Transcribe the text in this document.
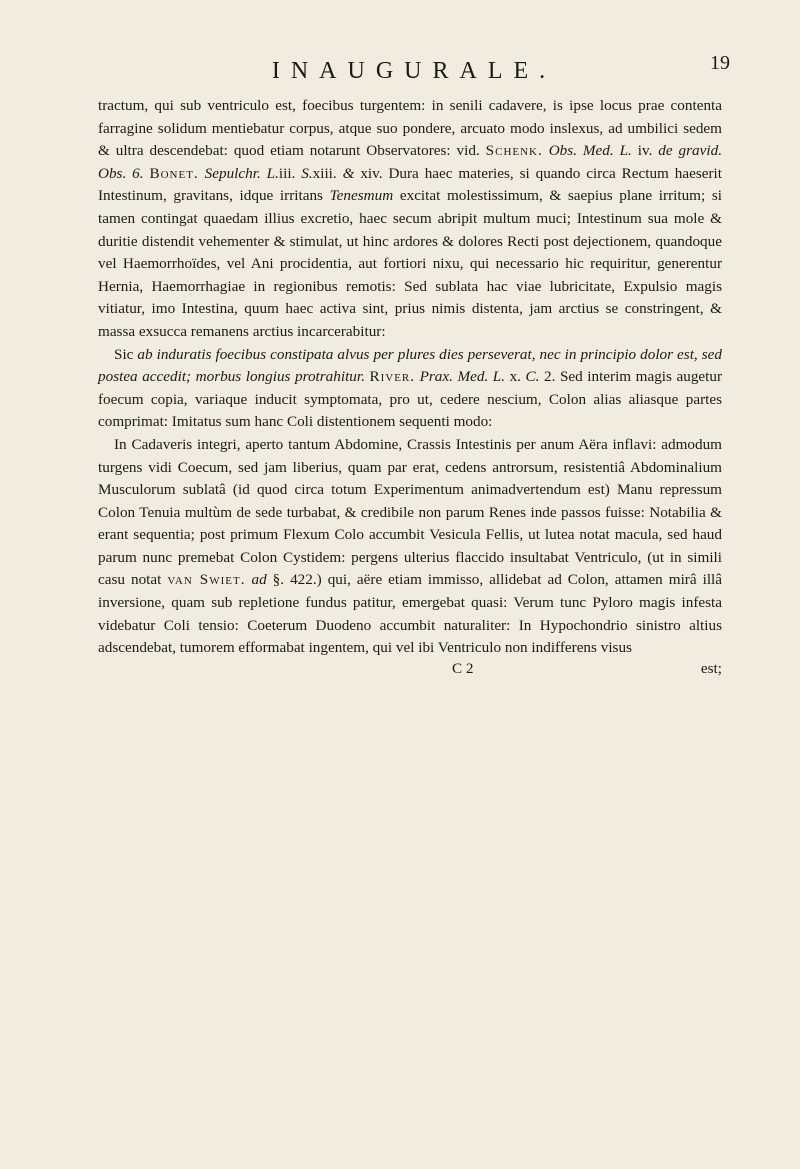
INAUGURALE.	19

tractum, qui sub ventriculo est, foecibus turgentem: in senili cadavere, is ipse locus prae contenta farragine solidum mentiebatur corpus, atque suo pondere, arcuato modo inslexus, ad umbilici sedem & ultra descendebat: quod etiam notarunt Observatores: vid. Schenk. Obs. Med. L. iv. de gravid. Obs. 6. Bonet. Sepulchr. L.iii. S.xiii. & xiv. Dura haec materies, si quando circa Rectum haeserit Intestinum, gravitans, idque irritans Tenesmum excitat molestissimum, & saepius plane irritum; si tamen contingat quaedam illius excretio, haec secum abripit multum muci; Intestinum sua mole & duritie distendit vehementer & stimulat, ut hinc ardores & dolores Recti post dejectionem, quandoque vel Haemorrhoïdes, vel Ani procidentia, aut fortiori nixu, qui necessario hic requiritur, generentur Hernia, Haemorrhagiae in regionibus remotis: Sed sublata hac viae lubricitate, Expulsio magis vitiatur, imo Intestina, quum haec activa sint, prius nimis distenta, jam arctius se constringent, & massa exsucca remanens arctius incarcerabitur:

Sic ab induratis foecibus constipata alvus per plures dies perseverat, nec in principio dolor est, sed postea accedit; morbus longius protrahitur. River. Prax. Med. L. x. C. 2. Sed interim magis augetur foecum copia, variaque inducit symptomata, pro ut, cedere nescium, Colon alias aliasque partes comprimat: Imitatus sum hanc Coli distentionem sequenti modo:

In Cadaveris integri, aperto tantum Abdomine, Crassis Intestinis per anum Aëra inflavi: admodum turgens vidi Coecum, sed jam liberius, quam par erat, cedens antrorsum, resistentiâ Abdominalium Musculorum sublatâ (id quod circa totum Experimentum animadvertendum est) Manu repressum Colon Tenuia multùm de sede turbabat, & credibile non parum Renes inde passos fuisse: Notabilia & erant sequentia; post primum Flexum Colo accumbit Vesicula Fellis, ut lutea notat macula, sed haud parum nunc premebat Colon Cystidem: pergens ulterius flaccido insultabat Ventriculo, (ut in simili casu notat van Swiet. ad §. 422.) qui, aëre etiam immisso, allidebat ad Colon, attamen mirâ illâ inversione, quam sub repletione fundus patitur, emergebat quasi: Verum tunc Pyloro magis infesta videbatur Coli tensio: Coeterum Duodeno accumbit naturaliter: In Hypochondrio sinistro altius adscendebat, tumorem efformabat ingentem, qui vel ibi Ventriculo non indifferens visus

C 2	est;
